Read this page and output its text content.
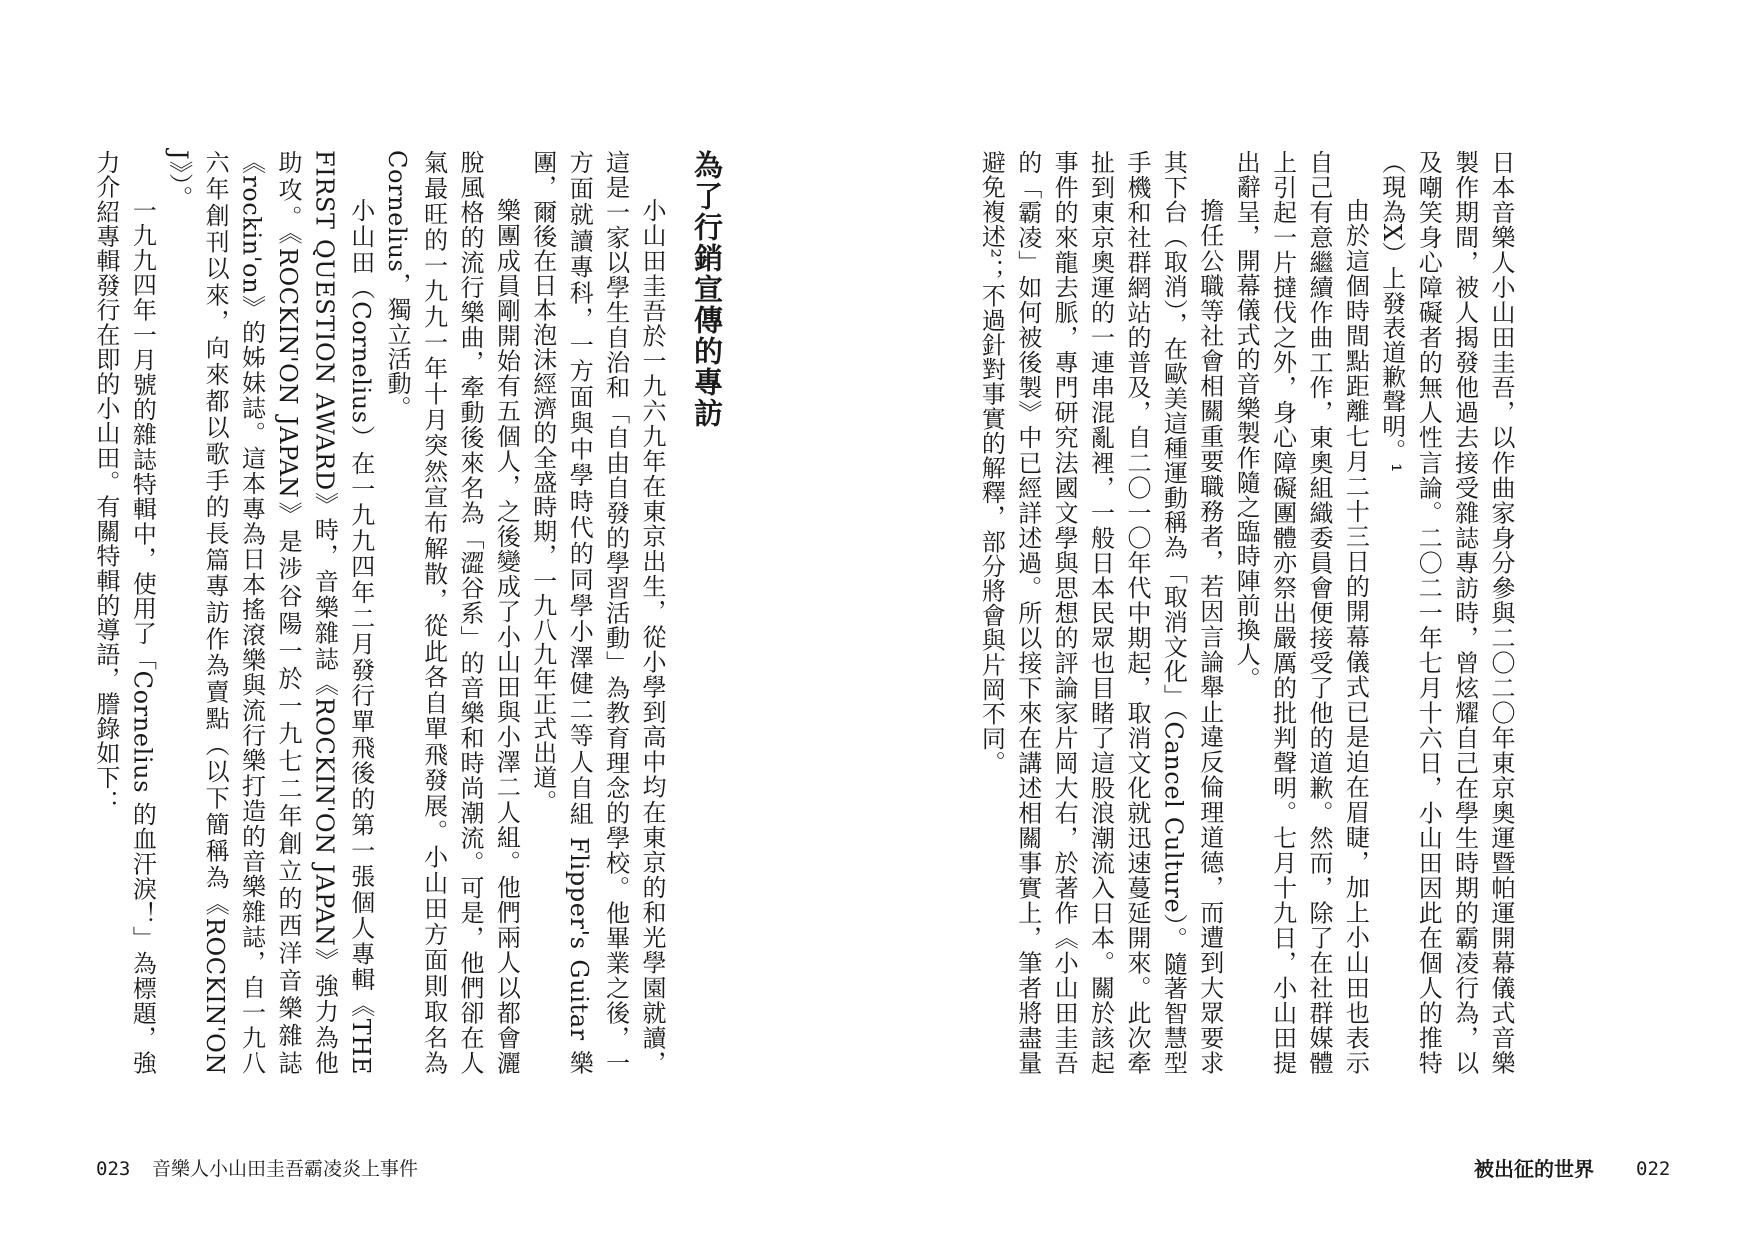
為了行銷宣傳的專訪

小山田圭吾於一九六九年在東京出生，從小學到高中均在東京的和光學園就讀，這是一家以學生自治和「自由自發的學習活動」為教育理念的學校。他畢業之後，一方面就讀專科，一方面與中學時代的同學小澤健二等人自組 Flipper's Guitar 樂團，爾後在日本泡沫經濟的全盛時期，一九八九年正式出道。

樂團成員剛開始有五個人，之後變成了小山田與小澤二人組。他們兩人以都會灑脫風格的流行樂曲，牽動後來名為「澀谷系」的音樂和時尚潮流。可是，他們卻在人氣最旺的一九九一年十月突然宣布解散，從此各自單飛發展。小山田方面則取名為 Cornelius，獨立活動。

小山田（Cornelius）在一九九四年二月發行單飛後的第一張個人專輯《THE FIRST QUESTION AWARD》時，音樂雜誌《ROCKIN'ON JAPAN》強力為他助攻。《ROCKIN'ON JAPAN》是涉谷陽一於一九七二年創立的西洋音樂雜誌《rockin'on》的姊妹誌。這本專為日本搖滾樂與流行樂打造的音樂雜誌，自一九八六年創刊以來，向來都以歌手的長篇專訪作為賣點（以下簡稱為《ROCKIN'ON J》）。

一九九四年一月號的雜誌特輯中，使用了「Cornelius 的血汗淚！」為標題，強力介紹專輯發行在即的小山田。有關特輯的導語，謄錄如下：

023 音樂人小山田圭吾霸凌炎上事件

日本音樂人小山田圭吾，以作曲家身分參與二〇二〇年東京奧運暨帕運開幕儀式音樂製作期間，被人揭發他過去接受雜誌專訪時，曾炫耀自己在學生時期的霸凌行為，以及嘲笑身心障礙者的無人性言論。二〇二一年七月十六日，小山田因此在個人的推特（現為X）上發表道歉聲明。¹

由於這個時間點距離七月二十三日的開幕儀式已是迫在眉睫，加上小山田也表示自己有意繼續作曲工作，東奧組織委員會便接受了他的道歉。然而，除了在社群媒體上引起一片撻伐之外，身心障礙團體亦祭出嚴厲的批判聲明。七月十九日，小山田提出辭呈，開幕儀式的音樂製作隨之臨時陣前換人。

擔任公職等社會相關重要職務者，若因言論舉止違反倫理道德，而遭到大眾要求其下台（取消），在歐美這種運動稱為「取消文化」（Cancel Culture）。隨著智慧型手機和社群網站的普及，自二〇一〇年代中期起，取消文化就迅速蔓延開來。此次牽扯到東京奧運的一連串混亂裡，一般日本民眾也目睹了這股浪潮流入日本。關於該起事件的來龍去脈，專門研究法國文學與思想的評論家片岡大右，於著作《小山田圭吾的「霸凌」如何被後製》中已經詳述過。所以接下來在講述相關事實上，筆者將盡量避免複述²；不過針對事實的解釋，部分將會與片岡不同。

被出征的世界 022
